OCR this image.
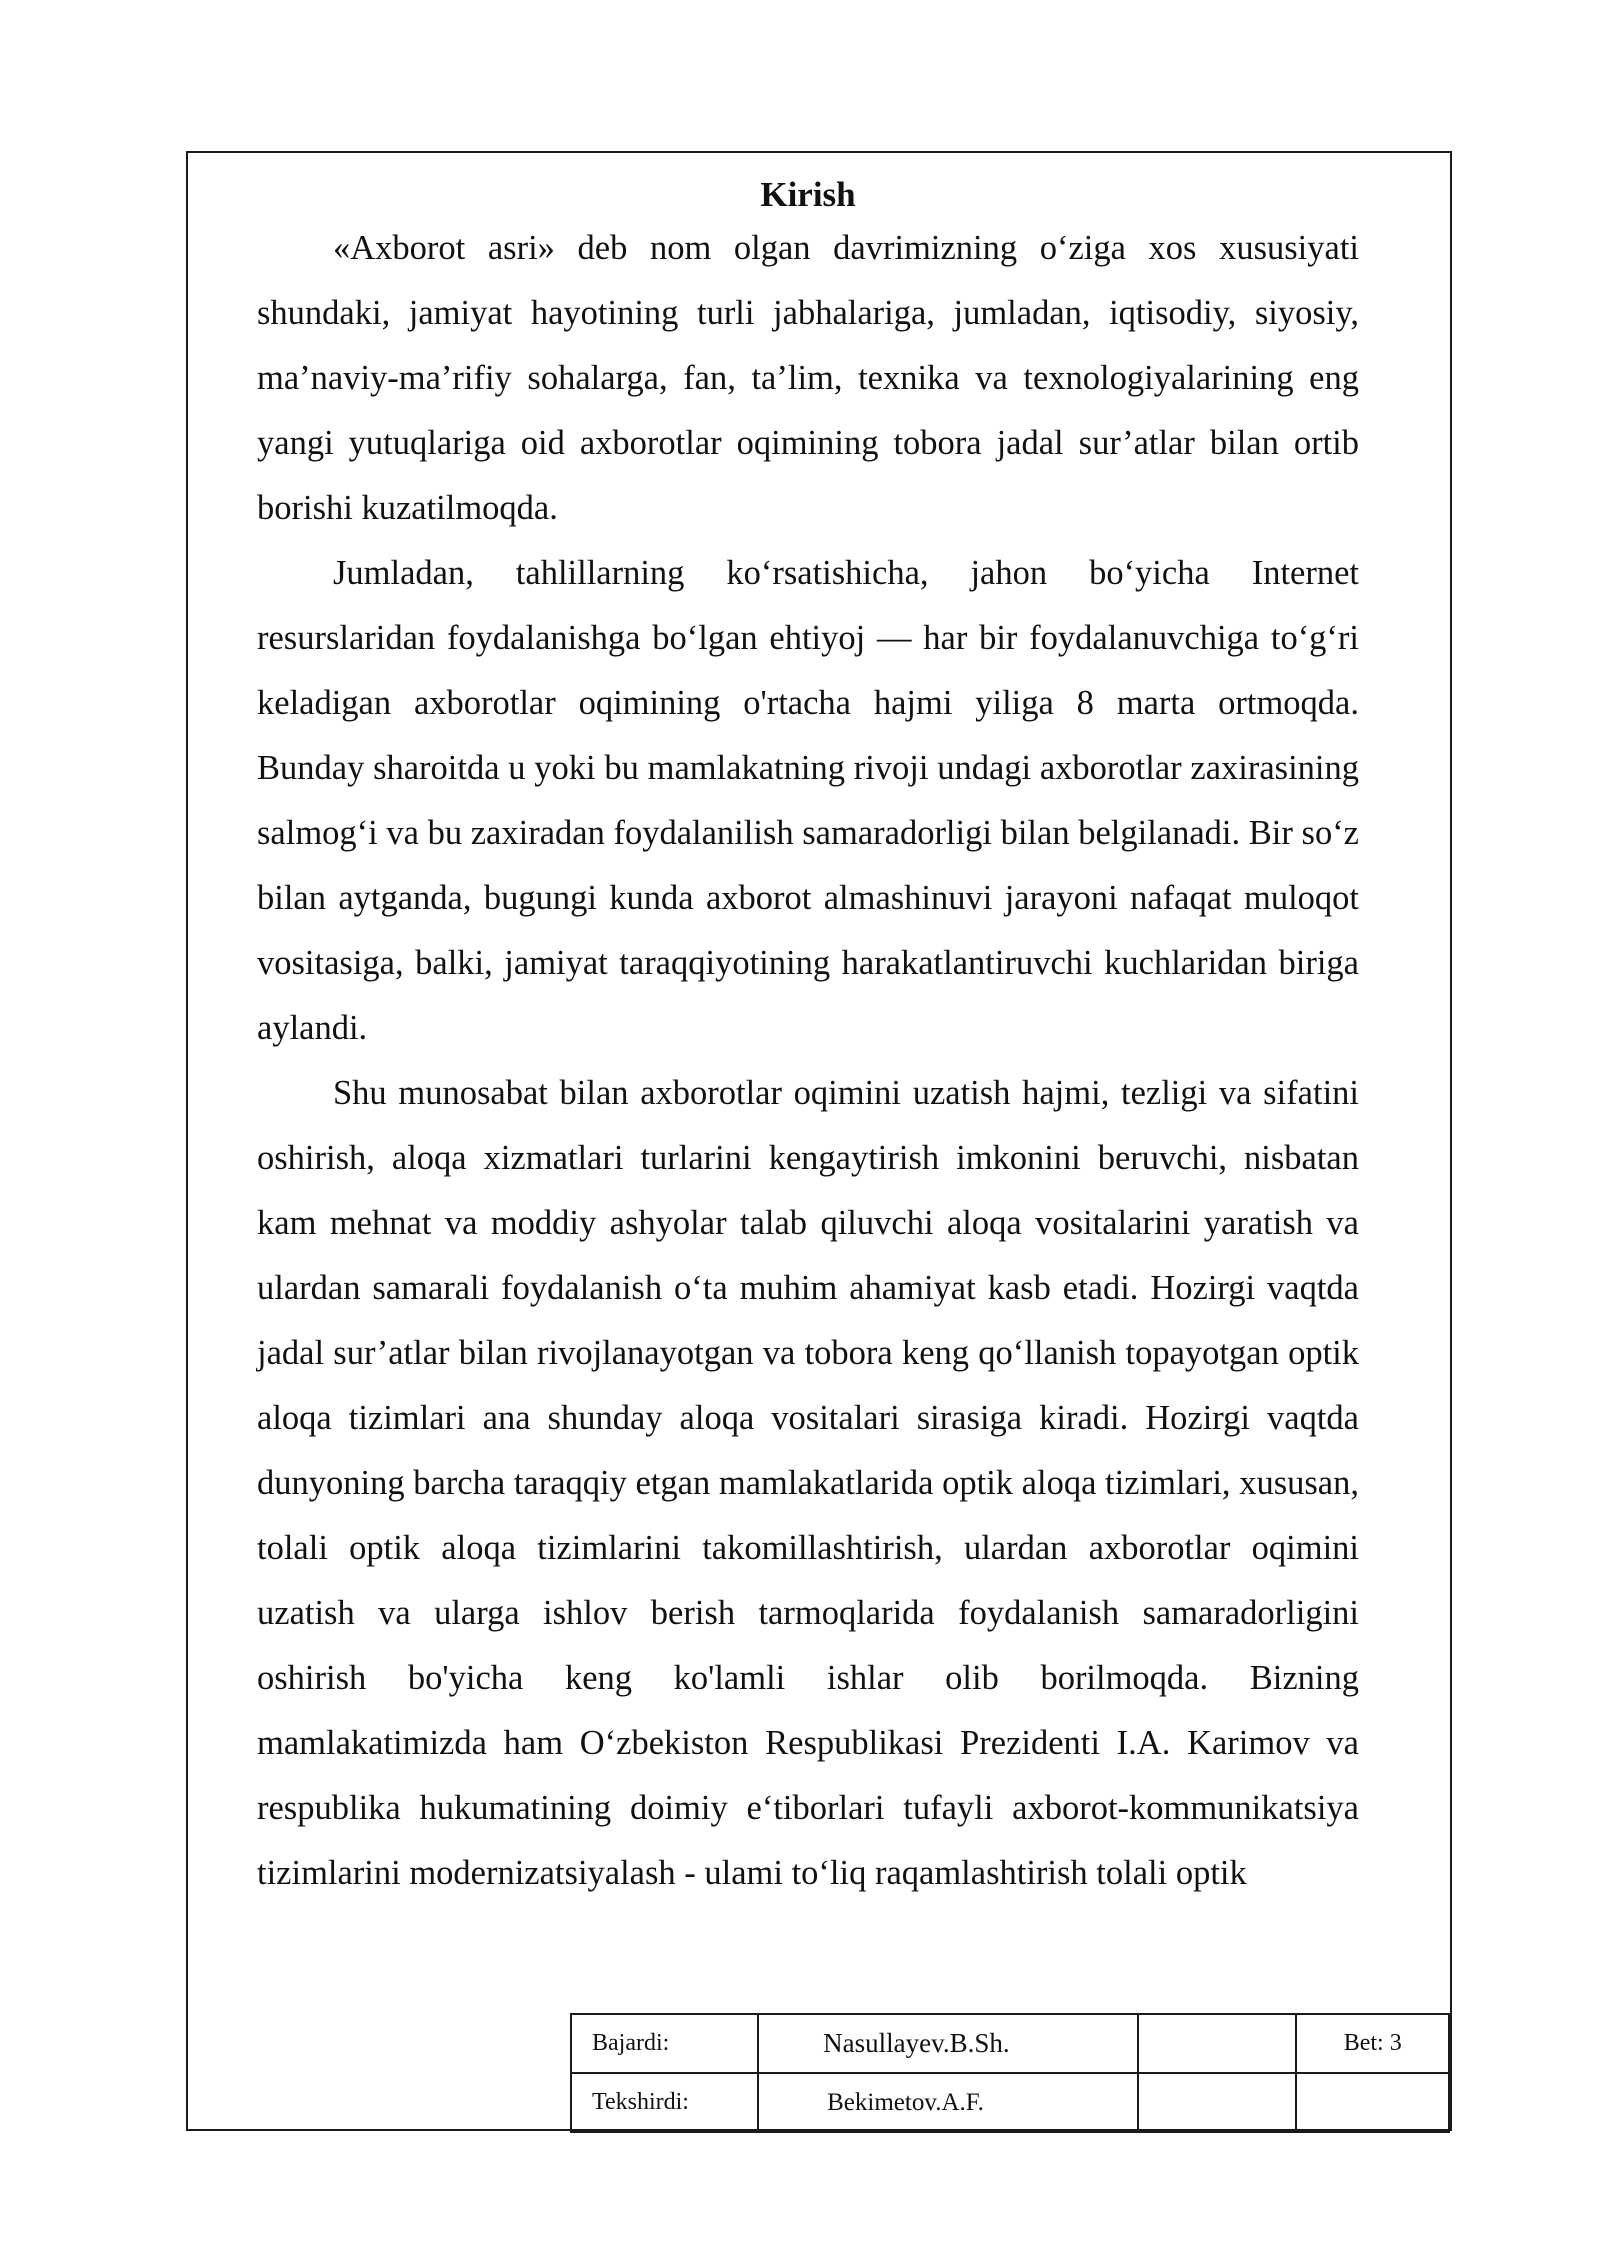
Kirish

«Axborot asri» deb nom olgan davrimizning o‘ziga xos xususiyati shundaki, jamiyat hayotining turli jabhalariga, jumladan, iqtisodiy, siyosiy, ma’naviy-ma’rifiy sohalarga, fan, ta’lim, texnika va texnologiyalarining eng yangi yutuqlariga oid axborotlar oqimining tobora jadal sur’atlar bilan ortib borishi kuzatilmoqda.

Jumladan, tahlillarning ko‘rsatishicha, jahon bo‘yicha Internet resurslaridan foydalanishga bo‘lgan ehtiyoj — har bir foydalanuvchiga to‘g‘ri keladigan axborotlar oqimining o'rtacha hajmi yiliga 8 marta ortmoqda. Bunday sharoitda u yoki bu mamlakatning rivoji undagi axborotlar zaxirasining salmog‘i va bu zaxiradan foydalanilish samaradorligi bilan belgilanadi. Bir so‘z bilan aytganda, bugungi kunda axborot almashinuvi jarayoni nafaqat muloqot vositasiga, balki, jamiyat taraqqiyotining harakatlantiruvchi kuchlaridan biriga aylandi.

Shu munosabat bilan axborotlar oqimini uzatish hajmi, tezligi va sifatini oshirish, aloqa xizmatlari turlarini kengaytirish imkonini beruvchi, nisbatan kam mehnat va moddiy ashyolar talab qiluvchi aloqa vositalarini yaratish va ulardan samarali foydalanish o‘ta muhim ahamiyat kasb etadi. Hozirgi vaqtda jadal sur’atlar bilan rivojlanayotgan va tobora keng qo‘llanish topayotgan optik aloqa tizimlari ana shunday aloqa vositalari sirasiga kiradi. Hozirgi vaqtda dunyoning barcha taraqqiy etgan mamlakatlarida optik aloqa tizimlari, xususan, tolali optik aloqa tizimlarini takomillashtirish, ulardan axborotlar oqimini uzatish va ularga ishlov berish tarmoqlarida foydalanish samaradorligini oshirish bo'yicha keng ko'lamli ishlar olib borilmoqda. Bizning mamlakatimizda ham O‘zbekiston Respublikasi Prezidenti I.A. Karimov va respublika hukumatining doimiy e‘tiborlari tufayli axborot-kommunikatsiya tizimlarini modernizatsiyalash - ulami to‘liq raqamlashtirish tolali optik

Bajardi:	Nasullayev.B.Sh.		Bet: 3
Tekshirdi:	Bekimetov.A.F.		
